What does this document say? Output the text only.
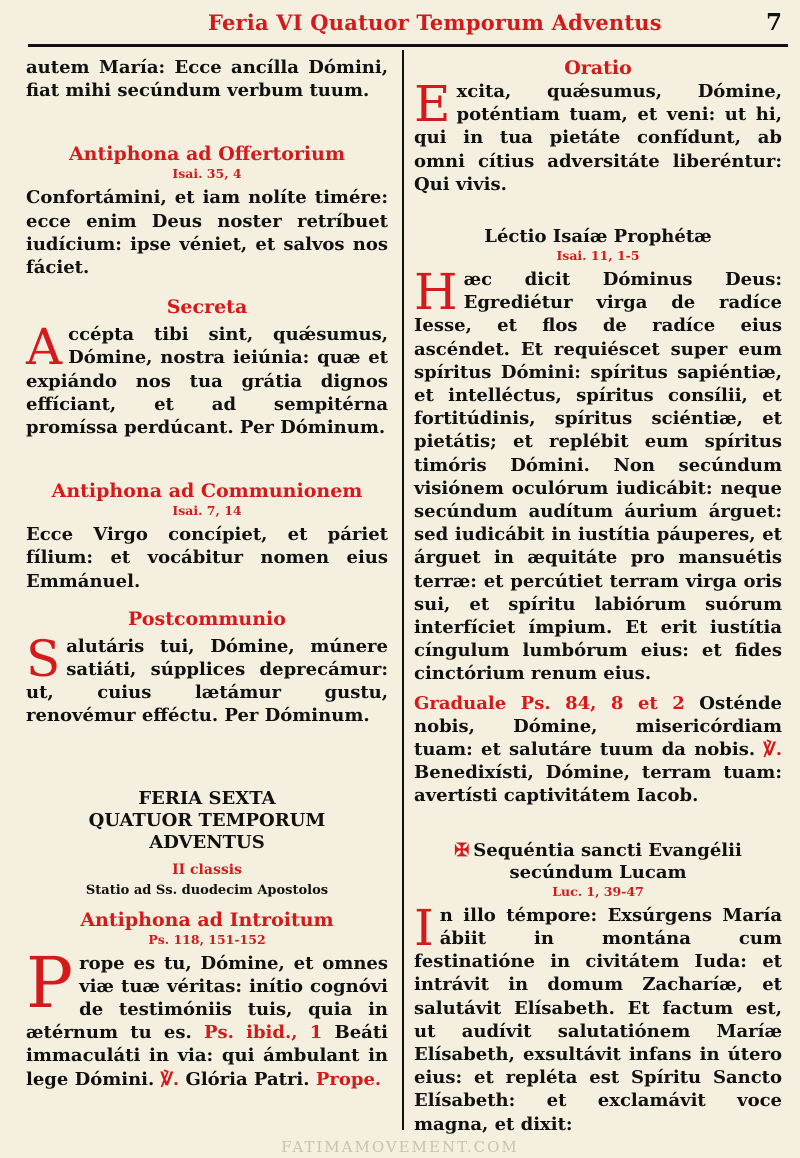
Feria VI Quatuor Temporum Adventus	7

autem María: Ecce ancílla Dómini, fiat mihi secúndum verbum tuum.

Antiphona ad Offertorium
Isai. 35, 4

Confortámini, et iam nolíte timére: ecce enim Deus noster retríbuet iudícium: ipse véniet, et salvos nos fáciet.

Secreta

Accépta tibi sint, quǽsumus, Dómine, nostra ieiúnia: quæ et expiándo nos tua grátia dignos effíciant, et ad sempitérna promíssa perdúcant. Per Dóminum.

Antiphona ad Communionem
Isai. 7, 14

Ecce Virgo concípiet, et páriet fílium: et vocábitur nomen eius Emmánuel.

Postcommunio

Salutáris tui, Dómine, múnere satiáti, súpplices deprecámur: ut, cuius lætámur gustu, renovémur efféctu. Per Dóminum.

FERIA SEXTA
QUATUOR TEMPORUM
ADVENTUS
II classis
Statio ad Ss. duodecim Apostolos
Antiphona ad Introitum
Ps. 118, 151-152

Prope es tu, Dómine, et omnes viæ tuæ véritas: inítio cognóvi de testimóniis tuis, quia in ætérnum tu es. Ps. ibid., 1 Beáti immaculáti in via: qui ámbulant in lege Dómini. ℣. Glória Patri. Prope.

Oratio

Excita, quǽsumus, Dómine, poténtiam tuam, et veni: ut hi, qui in tua pietáte confídunt, ab omni cítius adversitáte liberéntur: Qui vivis.

Léctio Isaíæ Prophétæ
Isai. 11, 1-5

Hæc dicit Dóminus Deus: Egrediétur virga de radíce Iesse, et flos de radíce eius ascéndet. Et requiéscet super eum spíritus Dómini: spíritus sapiéntiæ, et intelléctus, spíritus consílii, et fortitúdinis, spíritus sciéntiæ, et pietátis; et replébit eum spíritus timóris Dómini. Non secúndum visiónem oculórum iudicábit: neque secúndum audítum áurium árguet: sed iudicábit in iustítia páuperes, et árguet in æquitáte pro mansuétis terræ: et percútiet terram virga oris sui, et spíritu labiórum suórum interfíciet ímpium. Et erit iustítia cíngulum lumbórum eius: et fides cinctórium renum eius.

Graduale Ps. 84, 8 et 2 Osténde nobis, Dómine, misericórdiam tuam: et salutáre tuum da nobis. ℣. Benedixísti, Dómine, terram tuam: avertísti captivitátem Iacob.

✠ Sequéntia sancti Evangélii secúndum Lucam
Luc. 1, 39-47

In illo témpore: Exsúrgens María ábiit in montána cum festinatióne in civitátem Iuda: et intrávit in domum Zacharíæ, et salutávit Elísabeth. Et factum est, ut audívit salutatiónem Maríæ Elísabeth, exsultávit infans in útero eius: et repléta est Spíritu Sancto Elísabeth: et exclamávit voce magna, et dixit:

FATIMAMOVEMENT.COM
